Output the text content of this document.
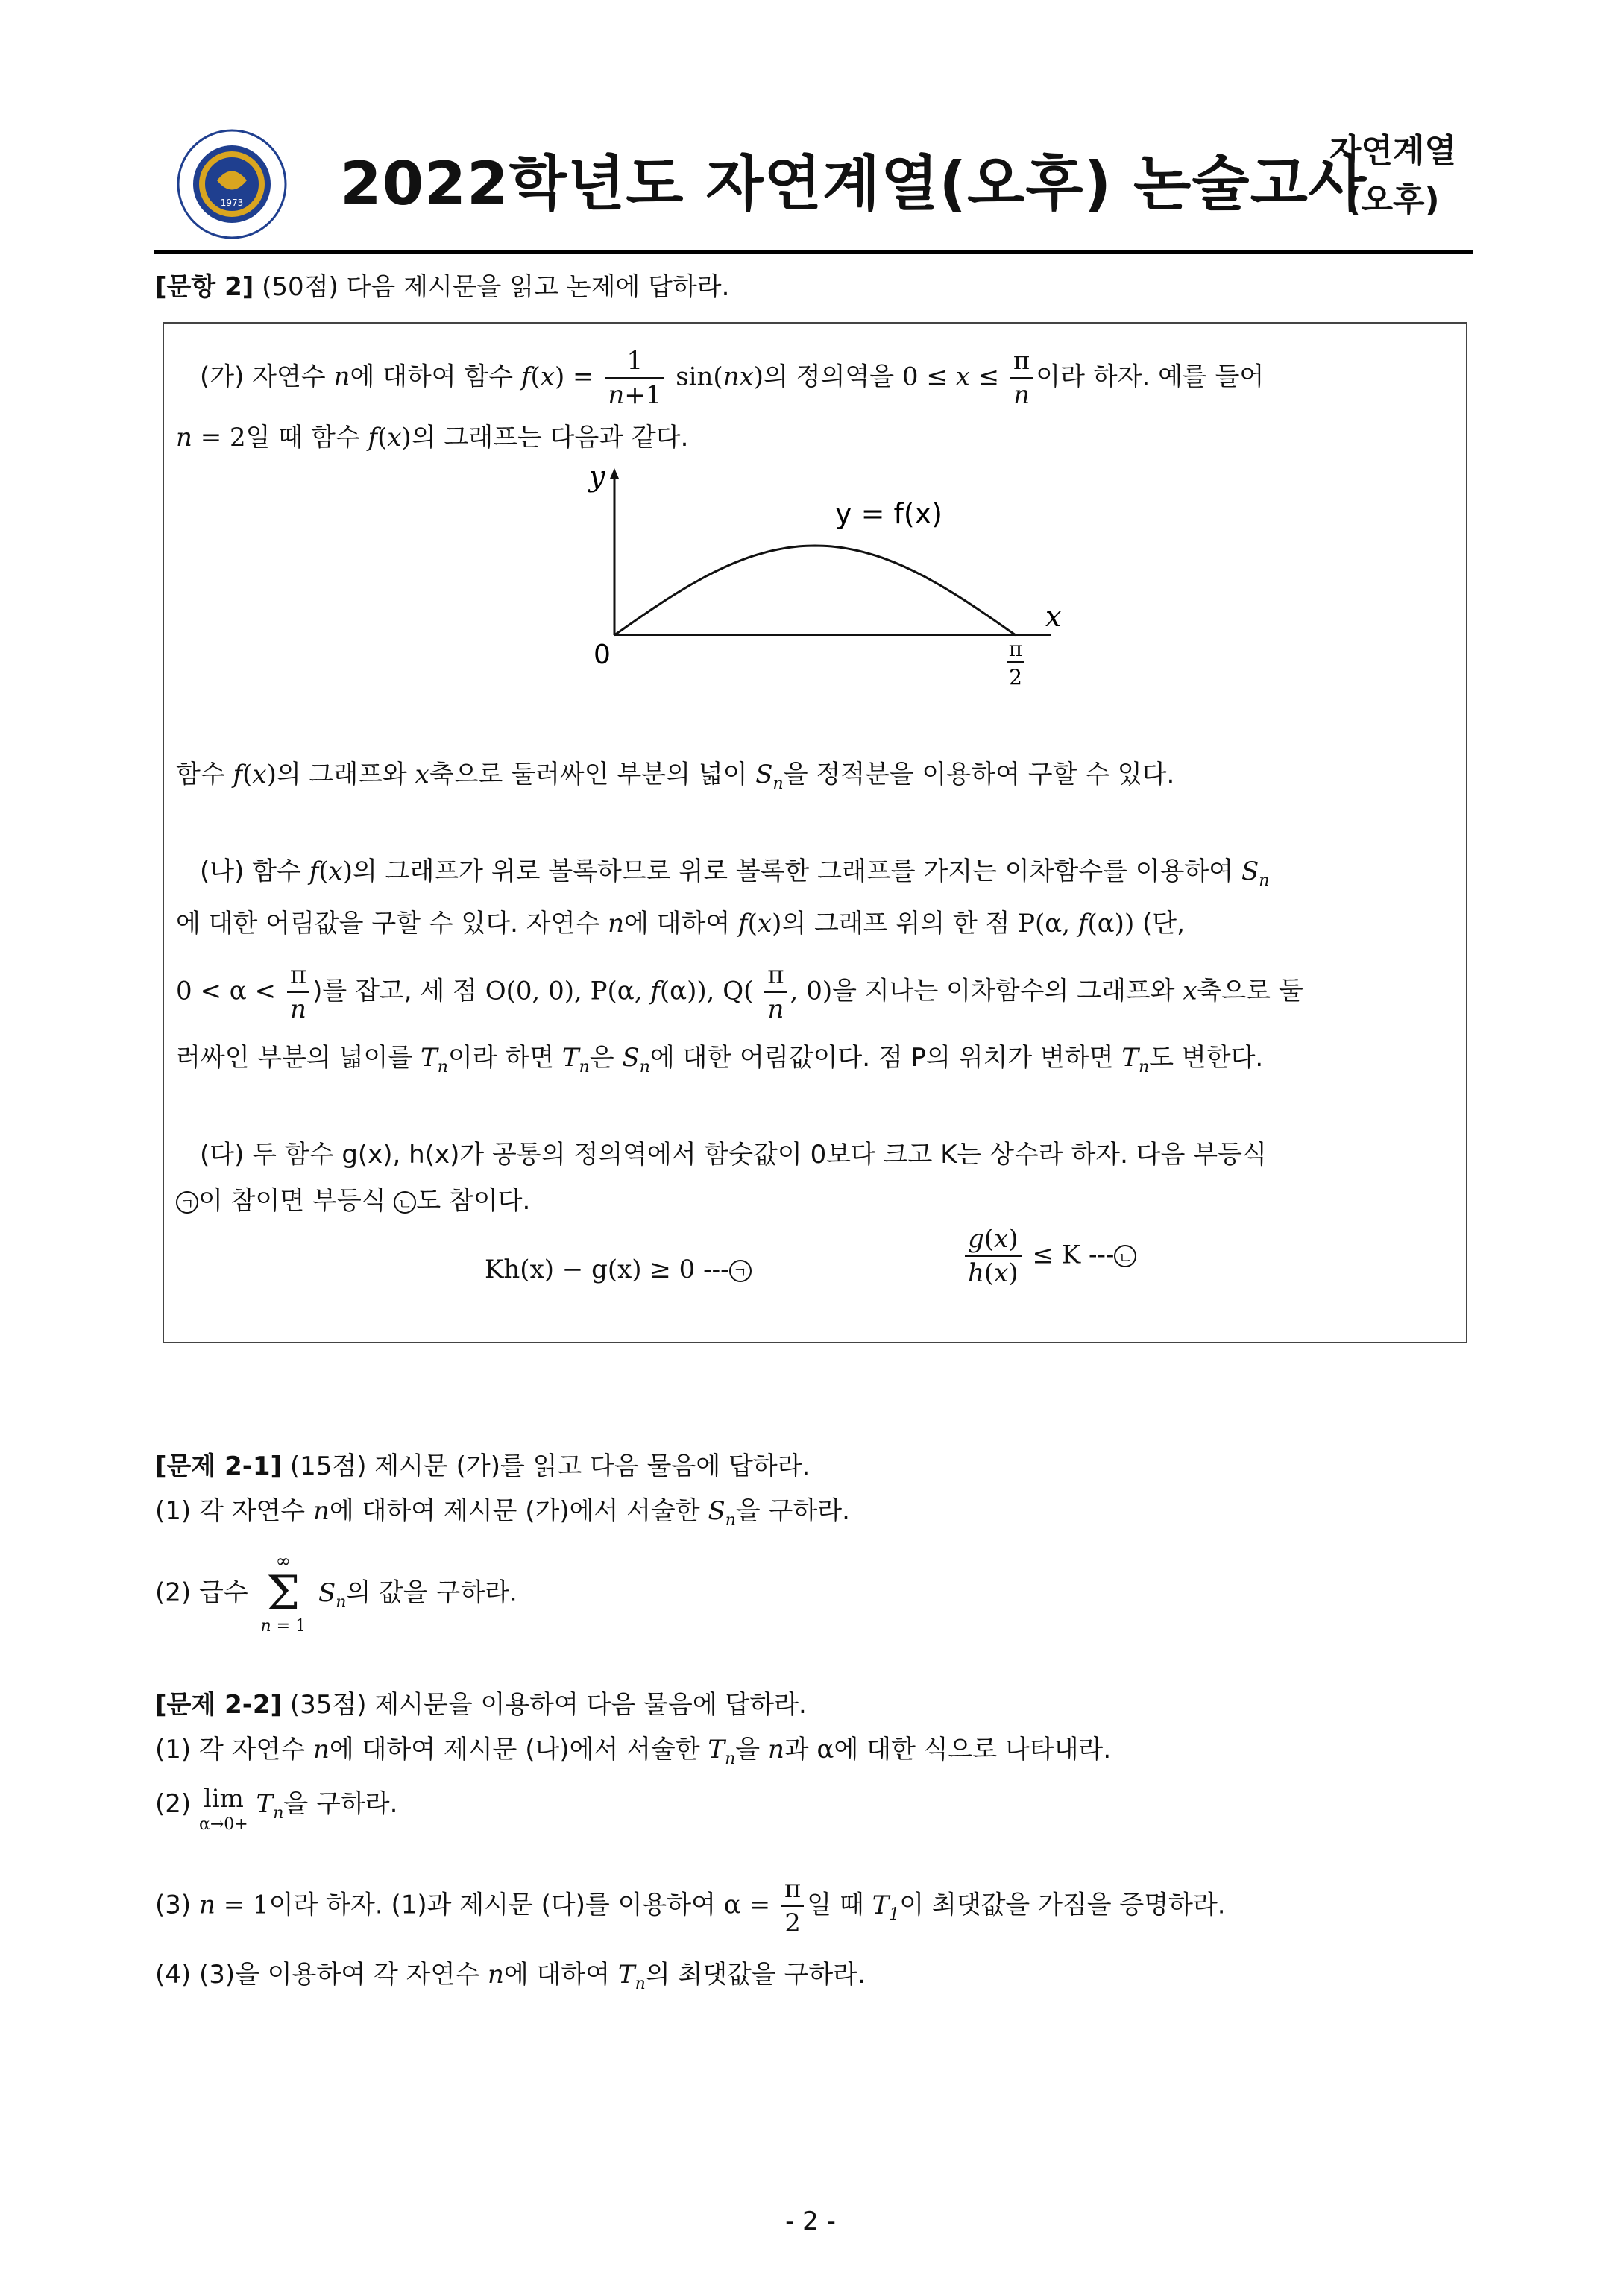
1973 2022학년도 자연계열(오후) 논술고사
자연계열
(오후)
[문항 2] (50점) 다음 제시문을 읽고 논제에 답하라.
(가) 자연수 n에 대하여 함수 $f(x) = \frac{1}{n+1} \sin(nx)$의 정의역을 $0 \le x \le \frac{\pi}{n}$ 이라 하자. 예를 들어
n = 2일 때 함수 f(x)의 그래프는 다음과 같다.
y
x
y = f(x)
0	π
2
함수 f(x)의 그래프와 x축으로 둘러싸인 부분의 넓이 $S_n$을 정적분을 이용하여 구할 수 있다.
(나) 함수 f(x)의 그래프가 위로 볼록하므로 위로 볼록한 그래프를 가지는 이차함수를 이용하여 $S_n$
에 대한 어림값을 구할 수 있다. 자연수 n에 대하여 f(x)의 그래프 위의 한 점 P(α, f(α)) (단,
$0 < \alpha < \frac{\pi}{n}$ )를 잡고, 세 점 O(0, 0), P(α, f(α)), $Q( \frac{\pi}{n}$ , 0)을 지나는 이차함수의 그래프와 x축으로 둘
러싸인 부분의 넓이를 $T_n$이라 하면 $T_n$은 $S_n$에 대한 어림값이다. 점 P의 위치가 변하면 $T_n$도 변한다.
(다) 두 함수 g(x), h(x)가 공통의 정의역에서 함숫값이 0보다 크고 K는 상수라 하자. 다음 부등식
ㄱ 이 참이면 부등식 ㄴ 도 참이다.
Kh(x) − g(x) ≥ 0 --- ㄱ	$\frac{g(x)}{h(x)} \le K$ --- ㄴ
[문제 2-1] (15점) 제시문 (가)를 읽고 다음 물음에 답하라.
(1) 각 자연수 n에 대하여 제시문 (가)에서 서술한 $S_n$을 구하라.
(2) 급수
∞
Σ
n = 1
$S_n$의 값을 구하라.
[문제 2-2] (35점) 제시문을 이용하여 다음 물음에 답하라.
(1) 각 자연수 n에 대하여 제시문 (나)에서 서술한 $T_n$을 n과 α에 대한 식으로 나타내라.
(2) lim
α→0+
$T_n$을 구하라.
(3) n = 1이라 하자. (1)과 제시문 (다)를 이용하여 $\alpha = \frac{\pi}{2}$ 일 때 $T_1$이 최댓값을 가짐을 증명하라.
(4) (3)을 이용하여 각 자연수 n에 대하여 $T_n$의 최댓값을 구하라.
- 2 -
